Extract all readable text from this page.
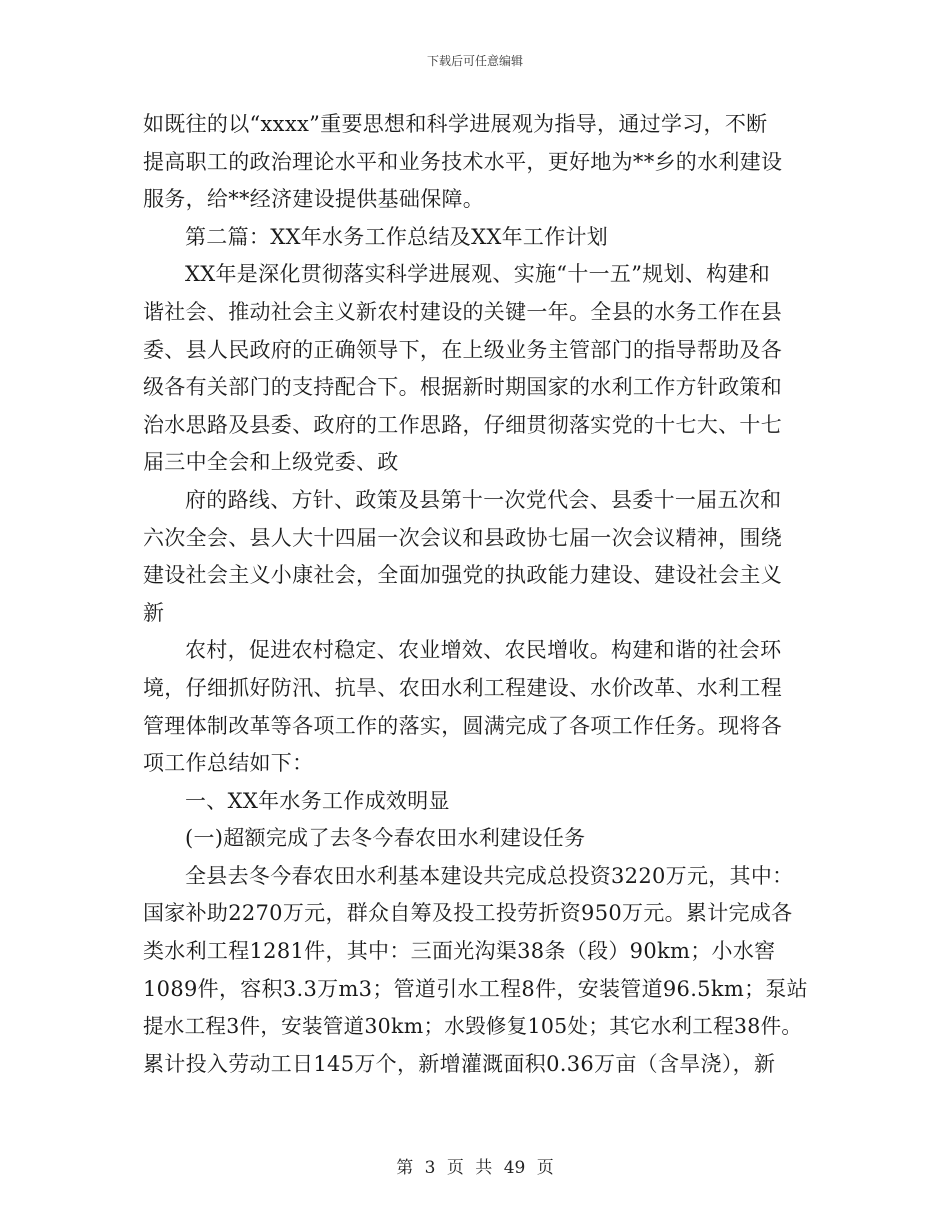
下载后可任意编辑
如既往的以“xxxx”重要思想和科学进展观为指导，通过学习，不断
提高职工的政治理论水平和业务技术水平，更好地为**乡的水利建设
服务，给**经济建设提供基础保障。
第二篇：XX年水务工作总结及XX年工作计划
XX年是深化贯彻落实科学进展观、实施“十一五”规划、构建和
谐社会、推动社会主义新农村建设的关键一年。全县的水务工作在县
委、县人民政府的正确领导下，在上级业务主管部门的指导帮助及各
级各有关部门的支持配合下。根据新时期国家的水利工作方针政策和
治水思路及县委、政府的工作思路，仔细贯彻落实党的十七大、十七
届三中全会和上级党委、政
府的路线、方针、政策及县第十一次党代会、县委十一届五次和
六次全会、县人大十四届一次会议和县政协七届一次会议精神，围绕
建设社会主义小康社会，全面加强党的执政能力建设、建设社会主义
新
农村，促进农村稳定、农业增效、农民增收。构建和谐的社会环
境，仔细抓好防汛、抗旱、农田水利工程建设、水价改革、水利工程
管理体制改革等各项工作的落实，圆满完成了各项工作任务。现将各
项工作总结如下：
一、XX年水务工作成效明显
(一)超额完成了去冬今春农田水利建设任务
全县去冬今春农田水利基本建设共完成总投资3220万元，其中：
国家补助2270万元，群众自筹及投工投劳折资950万元。累计完成各
类水利工程1281件，其中：三面光沟渠38条（段）90km；小水窖
1089件，容积3.3万m3；管道引水工程8件，安装管道96.5km；泵站
提水工程3件，安装管道30km；水毁修复105处；其它水利工程38件。
累计投入劳动工日145万个，新增灌溉面积0.36万亩（含旱浇），新
第 3 页 共 49 页
